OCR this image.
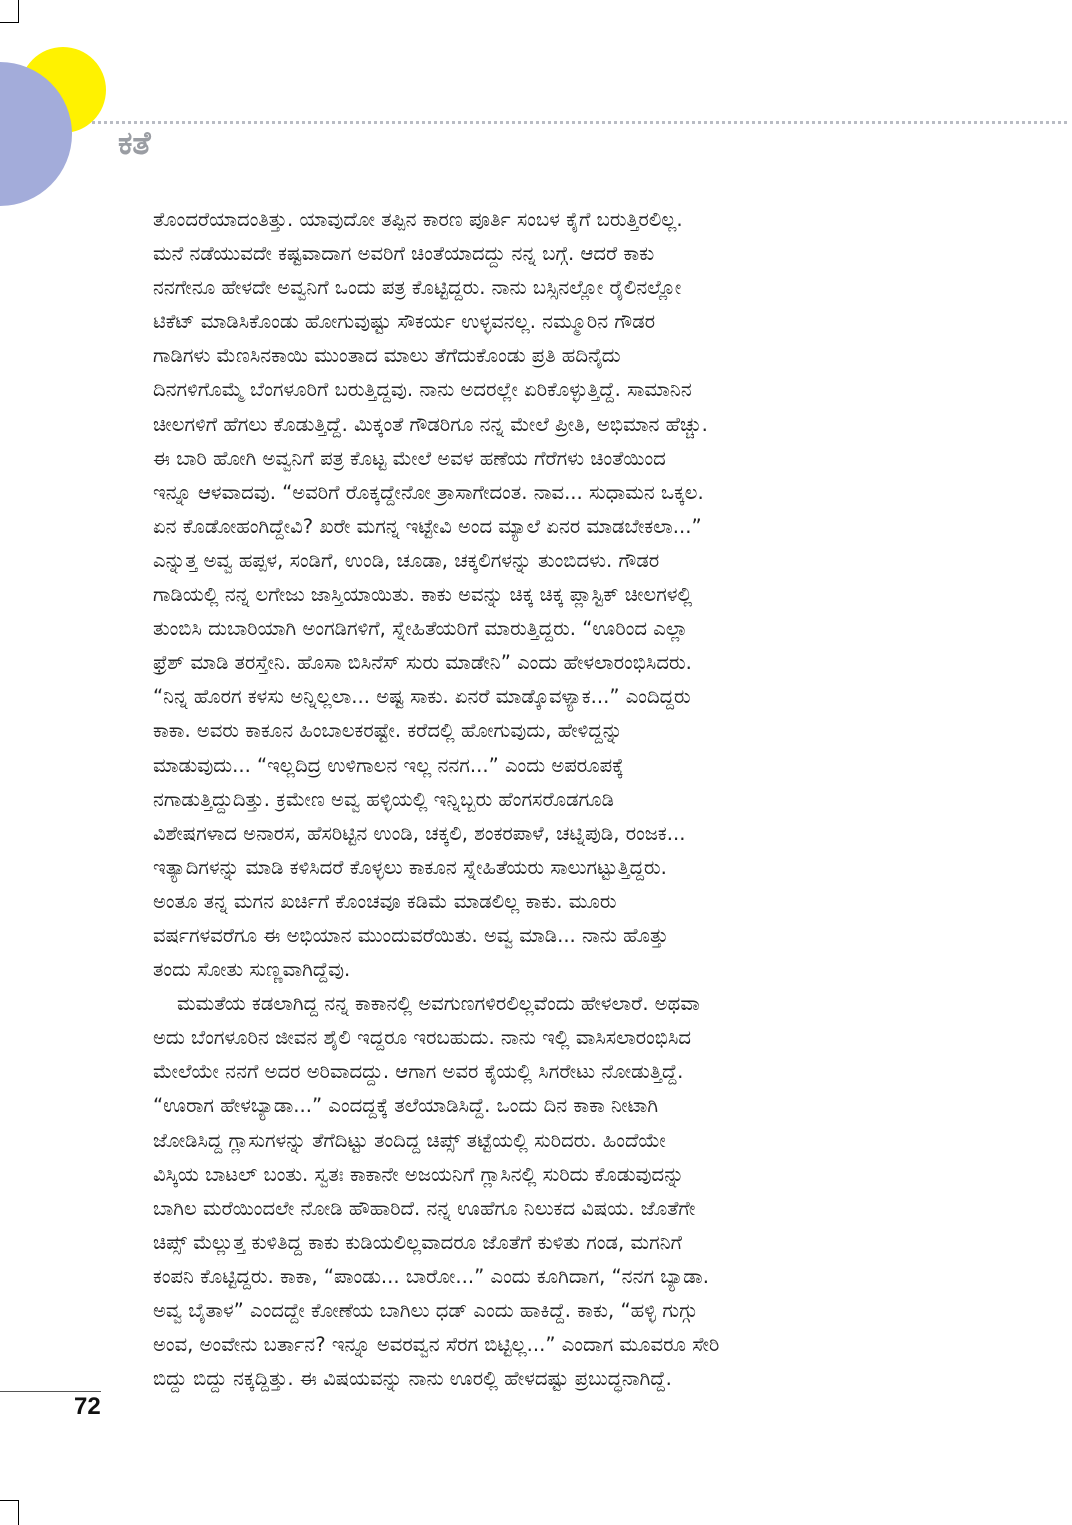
ಕತೆ
ತೊಂದರೆಯಾದಂತಿತ್ತು. ಯಾವುದೋ ತಪ್ಪಿನ ಕಾರಣ ಪೂರ್ತಿ ಸಂಬಳ ಕೈಗೆ ಬರುತ್ತಿರಲಿಲ್ಲ.
ಮನೆ ನಡೆಯುವದೇ ಕಷ್ಟವಾದಾಗ ಅವರಿಗೆ ಚಿಂತೆಯಾದದ್ದು ನನ್ನ ಬಗ್ಗೆ. ಆದರೆ ಕಾಕು
ನನಗೇನೂ ಹೇಳದೇ ಅವ್ವನಿಗೆ ಒಂದು ಪತ್ರ ಕೊಟ್ಟಿದ್ದರು. ನಾನು ಬಸ್ಸಿನಲ್ಲೋ ರೈಲಿನಲ್ಲೋ
ಟಿಕೆಟ್ ಮಾಡಿಸಿಕೊಂಡು ಹೋಗುವುಷ್ಟು ಸೌಕರ್ಯ ಉಳ್ಳವನಲ್ಲ. ನಮ್ಮೂರಿನ ಗೌಡರ
ಗಾಡಿಗಳು ಮೆಣಸಿನಕಾಯಿ ಮುಂತಾದ ಮಾಲು ತೆಗೆದುಕೊಂಡು ಪ್ರತಿ ಹದಿನೈದು
ದಿನಗಳಿಗೊಮ್ಮೆ ಬೆಂಗಳೂರಿಗೆ ಬರುತ್ತಿದ್ದವು. ನಾನು ಅದರಲ್ಲೇ ಏರಿಕೊಳ್ಳುತ್ತಿದ್ದೆ. ಸಾಮಾನಿನ
ಚೀಲಗಳಿಗೆ ಹೆಗಲು ಕೊಡುತ್ತಿದ್ದೆ. ಮಿಕ್ಕಂತೆ ಗೌಡರಿಗೂ ನನ್ನ ಮೇಲೆ ಪ್ರೀತಿ, ಅಭಿಮಾನ ಹೆಚ್ಚು.
ಈ ಬಾರಿ ಹೋಗಿ ಅವ್ವನಿಗೆ ಪತ್ರ ಕೊಟ್ಟ ಮೇಲೆ ಅವಳ ಹಣೆಯ ಗೆರೆಗಳು ಚಿಂತೆಯಿಂದ
ಇನ್ನೂ ಆಳವಾದವು. “ಅವರಿಗೆ ರೊಕ್ಕದ್ದೇನೋ ತ್ರಾಸಾಗೇದಂತ. ನಾವ... ಸುಧಾಮನ ಒಕ್ಕಲ.
ಏನ ಕೊಡೋಹಂಗಿದ್ದೇವಿ? ಖರೇ ಮಗನ್ನ ಇಟ್ಟೇವಿ ಅಂದ ಮ್ಯಾಲೆ ಏನರ ಮಾಡಬೇಕಲಾ...”
ಎನ್ನುತ್ತ ಅವ್ವ ಹಪ್ಪಳ, ಸಂಡಿಗೆ, ಉಂಡಿ, ಚೂಡಾ, ಚಕ್ಕಲಿಗಳನ್ನು ತುಂಬಿದಳು. ಗೌಡರ
ಗಾಡಿಯಲ್ಲಿ ನನ್ನ ಲಗೇಜು ಜಾಸ್ತಿಯಾಯಿತು. ಕಾಕು ಅವನ್ನು ಚಿಕ್ಕ ಚಿಕ್ಕ ಪ್ಲಾಸ್ಟಿಕ್ ಚೀಲಗಳಲ್ಲಿ
ತುಂಬಿಸಿ ದುಬಾರಿಯಾಗಿ ಅಂಗಡಿಗಳಿಗೆ, ಸ್ನೇಹಿತೆಯರಿಗೆ ಮಾರುತ್ತಿದ್ದರು. “ಊರಿಂದ ಎಲ್ಲಾ
ಫ್ರೆಶ್ ಮಾಡಿ ತರಸ್ತೇನಿ. ಹೊಸಾ ಬಿಸಿನೆಸ್ ಸುರು ಮಾಡೇನಿ” ಎಂದು ಹೇಳಲಾರಂಭಿಸಿದರು.
“ನಿನ್ನ ಹೊರಗ ಕಳಸು ಅನ್ನಿಲ್ಲಲಾ... ಅಷ್ಟ ಸಾಕು. ಏನರೆ ಮಾಡ್ಕೊವಳ್ಯಾಕ...” ಎಂದಿದ್ದರು
ಕಾಕಾ. ಅವರು ಕಾಕೂನ ಹಿಂಬಾಲಕರಷ್ಟೇ. ಕರೆದಲ್ಲಿ ಹೋಗುವುದು, ಹೇಳಿದ್ದನ್ನು
ಮಾಡುವುದು... “ಇಲ್ಲದಿದ್ರ ಉಳಿಗಾಲನ ಇಲ್ಲ ನನಗ...” ಎಂದು ಅಪರೂಪಕ್ಕೆ
ನಗಾಡುತ್ತಿದ್ದುದಿತ್ತು. ಕ್ರಮೇಣ ಅವ್ವ ಹಳ್ಳಿಯಲ್ಲಿ ಇನ್ನಿಬ್ಬರು ಹೆಂಗಸರೊಡಗೂಡಿ
ವಿಶೇಷಗಳಾದ ಅನಾರಸ, ಹೆಸರಿಟ್ಟಿನ ಉಂಡಿ, ಚಕ್ಕಲಿ, ಶಂಕರಪಾಳೆ, ಚಟ್ನಿಪುಡಿ, ರಂಜಕ...
ಇತ್ಯಾದಿಗಳನ್ನು ಮಾಡಿ ಕಳಿಸಿದರೆ ಕೊಳ್ಳಲು ಕಾಕೂನ ಸ್ನೇಹಿತೆಯರು ಸಾಲುಗಟ್ಟುತ್ತಿದ್ದರು.
ಅಂತೂ ತನ್ನ ಮಗನ ಖರ್ಚಿಗೆ ಕೊಂಚವೂ ಕಡಿಮೆ ಮಾಡಲಿಲ್ಲ ಕಾಕು. ಮೂರು
ವರ್ಷಗಳವರೆಗೂ ಈ ಅಭಿಯಾನ ಮುಂದುವರೆಯಿತು. ಅವ್ವ ಮಾಡಿ... ನಾನು ಹೊತ್ತು
ತಂದು ಸೋತು ಸುಣ್ಣವಾಗಿದ್ದೆವು.
ಮಮತೆಯ ಕಡಲಾಗಿದ್ದ ನನ್ನ ಕಾಕಾನಲ್ಲಿ ಅವಗುಣಗಳಿರಲಿಲ್ಲವೆಂದು ಹೇಳಲಾರೆ. ಅಥವಾ
ಅದು ಬೆಂಗಳೂರಿನ ಜೀವನ ಶೈಲಿ ಇದ್ದರೂ ಇರಬಹುದು. ನಾನು ಇಲ್ಲಿ ವಾಸಿಸಲಾರಂಭಿಸಿದ
ಮೇಲೆಯೇ ನನಗೆ ಅದರ ಅರಿವಾದದ್ದು. ಆಗಾಗ ಅವರ ಕೈಯಲ್ಲಿ ಸಿಗರೇಟು ನೋಡುತ್ತಿದ್ದೆ.
“ಊರಾಗ ಹೇಳಬ್ಯಾಡಾ...” ಎಂದದ್ದಕ್ಕೆ ತಲೆಯಾಡಿಸಿದ್ದೆ. ಒಂದು ದಿನ ಕಾಕಾ ನೀಟಾಗಿ
ಜೋಡಿಸಿದ್ದ ಗ್ಲಾಸುಗಳನ್ನು ತೆಗೆದಿಟ್ಟು ತಂದಿದ್ದ ಚಿಪ್ಸ್ ತಟ್ಟೆಯಲ್ಲಿ ಸುರಿದರು. ಹಿಂದೆಯೇ
ವಿಸ್ಕಿಯ ಬಾಟಲ್ ಬಂತು. ಸ್ವತಃ ಕಾಕಾನೇ ಅಜಯನಿಗೆ ಗ್ಲಾಸಿನಲ್ಲಿ ಸುರಿದು ಕೊಡುವುದನ್ನು
ಬಾಗಿಲ ಮರೆಯಿಂದಲೇ ನೋಡಿ ಹೌಹಾರಿದೆ. ನನ್ನ ಊಹೆಗೂ ನಿಲುಕದ ವಿಷಯ. ಜೊತೆಗೇ
ಚಿಪ್ಸ್ ಮೆಲ್ಲುತ್ತ ಕುಳಿತಿದ್ದ ಕಾಕು ಕುಡಿಯಲಿಲ್ಲವಾದರೂ ಜೊತೆಗೆ ಕುಳಿತು ಗಂಡ, ಮಗನಿಗೆ
ಕಂಪನಿ ಕೊಟ್ಟಿದ್ದರು. ಕಾಕಾ, “ಪಾಂಡು... ಬಾರೋ...” ಎಂದು ಕೂಗಿದಾಗ, “ನನಗ ಬ್ಯಾಡಾ.
ಅವ್ವ ಬೈತಾಳ” ಎಂದದ್ದೇ ಕೋಣೆಯ ಬಾಗಿಲು ಧಡ್ ಎಂದು ಹಾಕಿದ್ದೆ. ಕಾಕು, “ಹಳ್ಳಿ ಗುಗ್ಗು
ಅಂವ, ಅಂವೇನು ಬರ್ತಾನ? ಇನ್ನೂ ಅವರವ್ವನ ಸೆರಗ ಬಿಟ್ಟಿಲ್ಲ...” ಎಂದಾಗ ಮೂವರೂ ಸೇರಿ
ಬಿದ್ದು ಬಿದ್ದು ನಕ್ಕದ್ದಿತ್ತು. ಈ ವಿಷಯವನ್ನು ನಾನು ಊರಲ್ಲಿ ಹೇಳದಷ್ಟು ಪ್ರಬುದ್ಧನಾಗಿದ್ದೆ.
72
